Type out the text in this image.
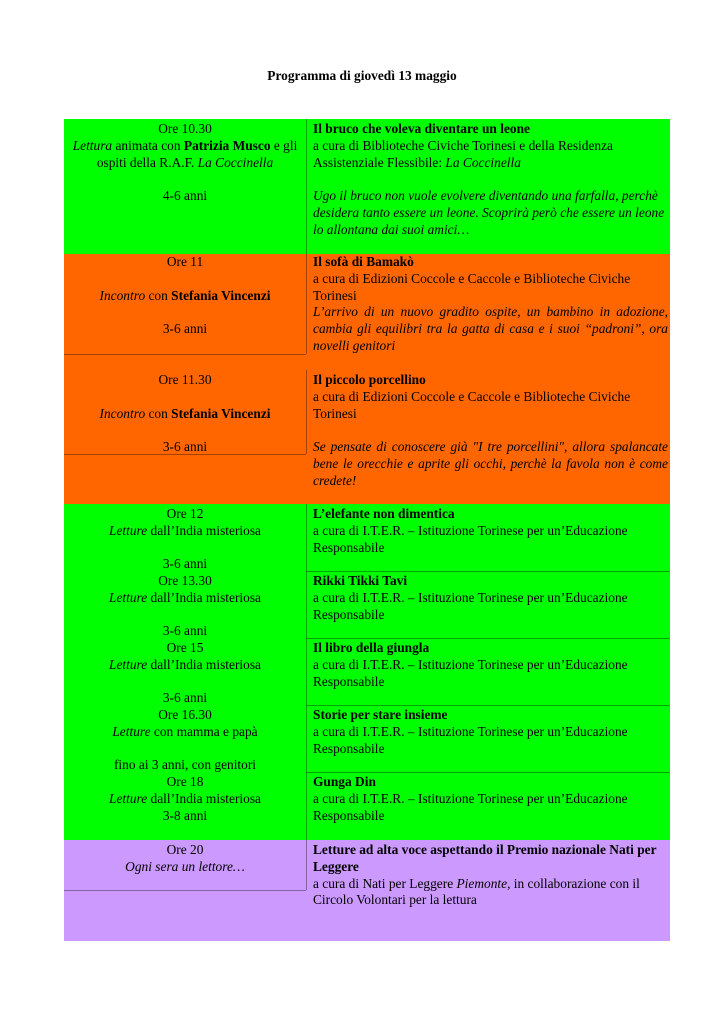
Programma di giovedì 13 maggio

Ore 10.30

Lettura animata con Patrizia Musco e gli ospiti della R.A.F. La Coccinella

4-6 anni

Il bruco che voleva diventare un leone

a cura di Biblioteche Civiche Torinesi e della Residenza Assistenziale Flessibile: La Coccinella

Ugo il bruco non vuole evolvere diventando una farfalla, perchè desidera tanto essere un leone. Scoprirà però che essere un leone lo allontana dai suoi amici…

Ore 11

Incontro con Stefania Vincenzi

3-6 anni

Il sofà di Bamakò

a cura di Edizioni Coccole e Caccole e Biblioteche Civiche Torinesi

L’arrivo di un nuovo gradito ospite, un bambino in adozione, cambia gli equilibri tra la gatta di casa e i suoi “padroni”, ora novelli genitori

Ore 11.30

Incontro con Stefania Vincenzi

3-6 anni

Il piccolo porcellino

a cura di Edizioni Coccole e Caccole e Biblioteche Civiche Torinesi

Se pensate di conoscere già "I tre porcellini", allora spalancate bene le orecchie e aprite gli occhi, perchè la favola non è come credete!

Ore 12

Letture dall’India misteriosa

3-6 anni

L’elefante non dimentica

a cura di I.T.E.R. – Istituzione Torinese per un’Educazione Responsabile

Ore 13.30

Letture dall’India misteriosa

3-6 anni

Rikki Tikki Tavi

a cura di I.T.E.R. – Istituzione Torinese per un’Educazione Responsabile

Ore 15

Letture dall’India misteriosa

3-6 anni

Il libro della giungla

a cura di I.T.E.R. – Istituzione Torinese per un’Educazione Responsabile

Ore 16.30

Letture con mamma e papà

fino ai 3 anni, con genitori

Storie per stare insieme

a cura di I.T.E.R. – Istituzione Torinese per un’Educazione Responsabile

Ore 18

Letture dall’India misteriosa

3-8 anni

Gunga Din

a cura di I.T.E.R. – Istituzione Torinese per un’Educazione Responsabile

Ore 20

Ogni sera un lettore…

Letture ad alta voce aspettando il Premio nazionale Nati per Leggere

a cura di Nati per Leggere Piemonte, in collaborazione con il Circolo Volontari per la lettura
